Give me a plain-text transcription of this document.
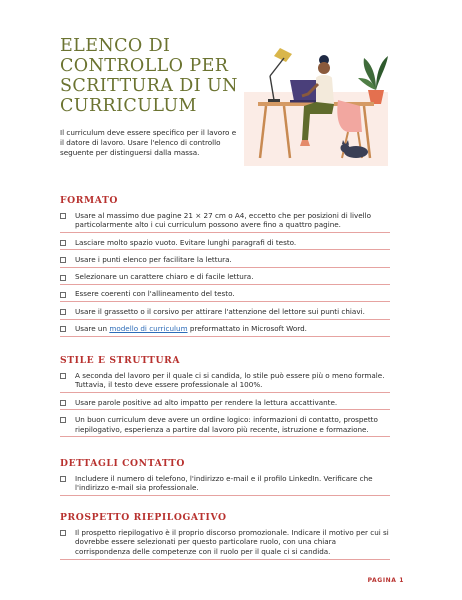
ELENCO DI CONTROLLO PER SCRITTURA DI UN CURRICULUM
Il curriculum deve essere specifico per il lavoro e il datore di lavoro. Usare l'elenco di controllo seguente per distinguersi dalla massa.
FORMATO
Usare al massimo due pagine 21 × 27 cm o A4, eccetto che per posizioni di livello particolarmente alto i cui curriculum possono avere fino a quattro pagine.
Lasciare molto spazio vuoto. Evitare lunghi paragrafi di testo.
Usare i punti elenco per facilitare la lettura.
Selezionare un carattere chiaro e di facile lettura.
Essere coerenti con l'allineamento del testo.
Usare il grassetto o il corsivo per attirare l'attenzione del lettore sui punti chiavi.
Usare un modello di curriculum preformattato in Microsoft Word.
STILE E STRUTTURA
A seconda del lavoro per il quale ci si candida, lo stile può essere più o meno formale. Tuttavia, il testo deve essere professionale al 100%.
Usare parole positive ad alto impatto per rendere la lettura accattivante.
Un buon curriculum deve avere un ordine logico: informazioni di contatto, prospetto riepilogativo, esperienza a partire dal lavoro più recente, istruzione e formazione.
DETTAGLI CONTATTO
Includere il numero di telefono, l'indirizzo e-mail e il profilo LinkedIn. Verificare che l'indirizzo e-mail sia professionale.
PROSPETTO RIEPILOGATIVO
Il prospetto riepilogativo è il proprio discorso promozionale. Indicare il motivo per cui si dovrebbe essere selezionati per questo particolare ruolo, con una chiara corrispondenza delle competenze con il ruolo per il quale ci si candida.
PAGINA 1
